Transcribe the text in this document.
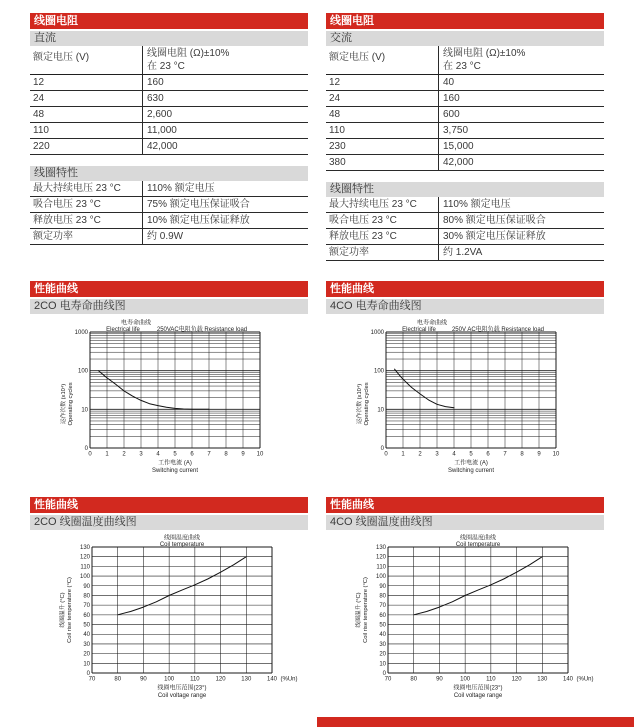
线圈电阻
直流
额定电压 (V)	线圈电阻 (Ω)±10%
在 23 °C
12	160
24	630
48	2,600
110	11,000
220	42,000
线圈特性
最大持续电压 23 °C	110% 额定电压
吸合电压 23 °C	75% 额定电压保证吸合
释放电压 23 °C	10% 额定电压保证释放
额定功率	约 0.9W
线圈电阻
交流
额定电压 (V)	线圈电阻 (Ω)±10%
在 23 °C
12	40
24	160
48	600
110	3,750
230	15,000
380	42,000
线圈特性
最大持续电压 23 °C	110% 额定电压
吸合电压 23 °C	80% 额定电压保证吸合
释放电压 23 °C	30% 额定电压保证释放
额定功率	约 1.2VA
性能曲线
2CO 电寿命曲线图
电寿命曲线
Electrical life	250VAC电阻负载 Resistance load
0 1 2 3 4 5 6 7 8 9 10
1000
100
10
0
工作电流 (A)
Switching current
运作次数 (x10⁴) Operating cycles
性能曲线
4CO 电寿命曲线图
电寿命曲线
Electrical life	250V AC电阻负载 Resistance load
0 1 2 3 4 5 6 7 8 9 10
1000
100
10
0
工作电流 (A)
Switching current
运作次数 (x10⁴) Operating cycles
性能曲线
2CO 线圈温度曲线图
线圈温度曲线
Coil temperature
70	80	90	100	110	120	130	140 (%Un)
0
10
20
30
40
50
60
70
80
90
100
110
120
130
线圈电压范围(23°)
Coil voltage range
线圈温升 (°C) Coil rise temperature (°C)
性能曲线
4CO 线圈温度曲线图
线圈温度曲线
Coil temperature
70	80	90	100	110	120	130	140 (%Un)
0
10
20
30
40
50
60
70
80
90
100
110
120
130
线圈电压范围(23°)
Coil voltage range
线圈温升 (°C) Coil rise temperature (°C)
